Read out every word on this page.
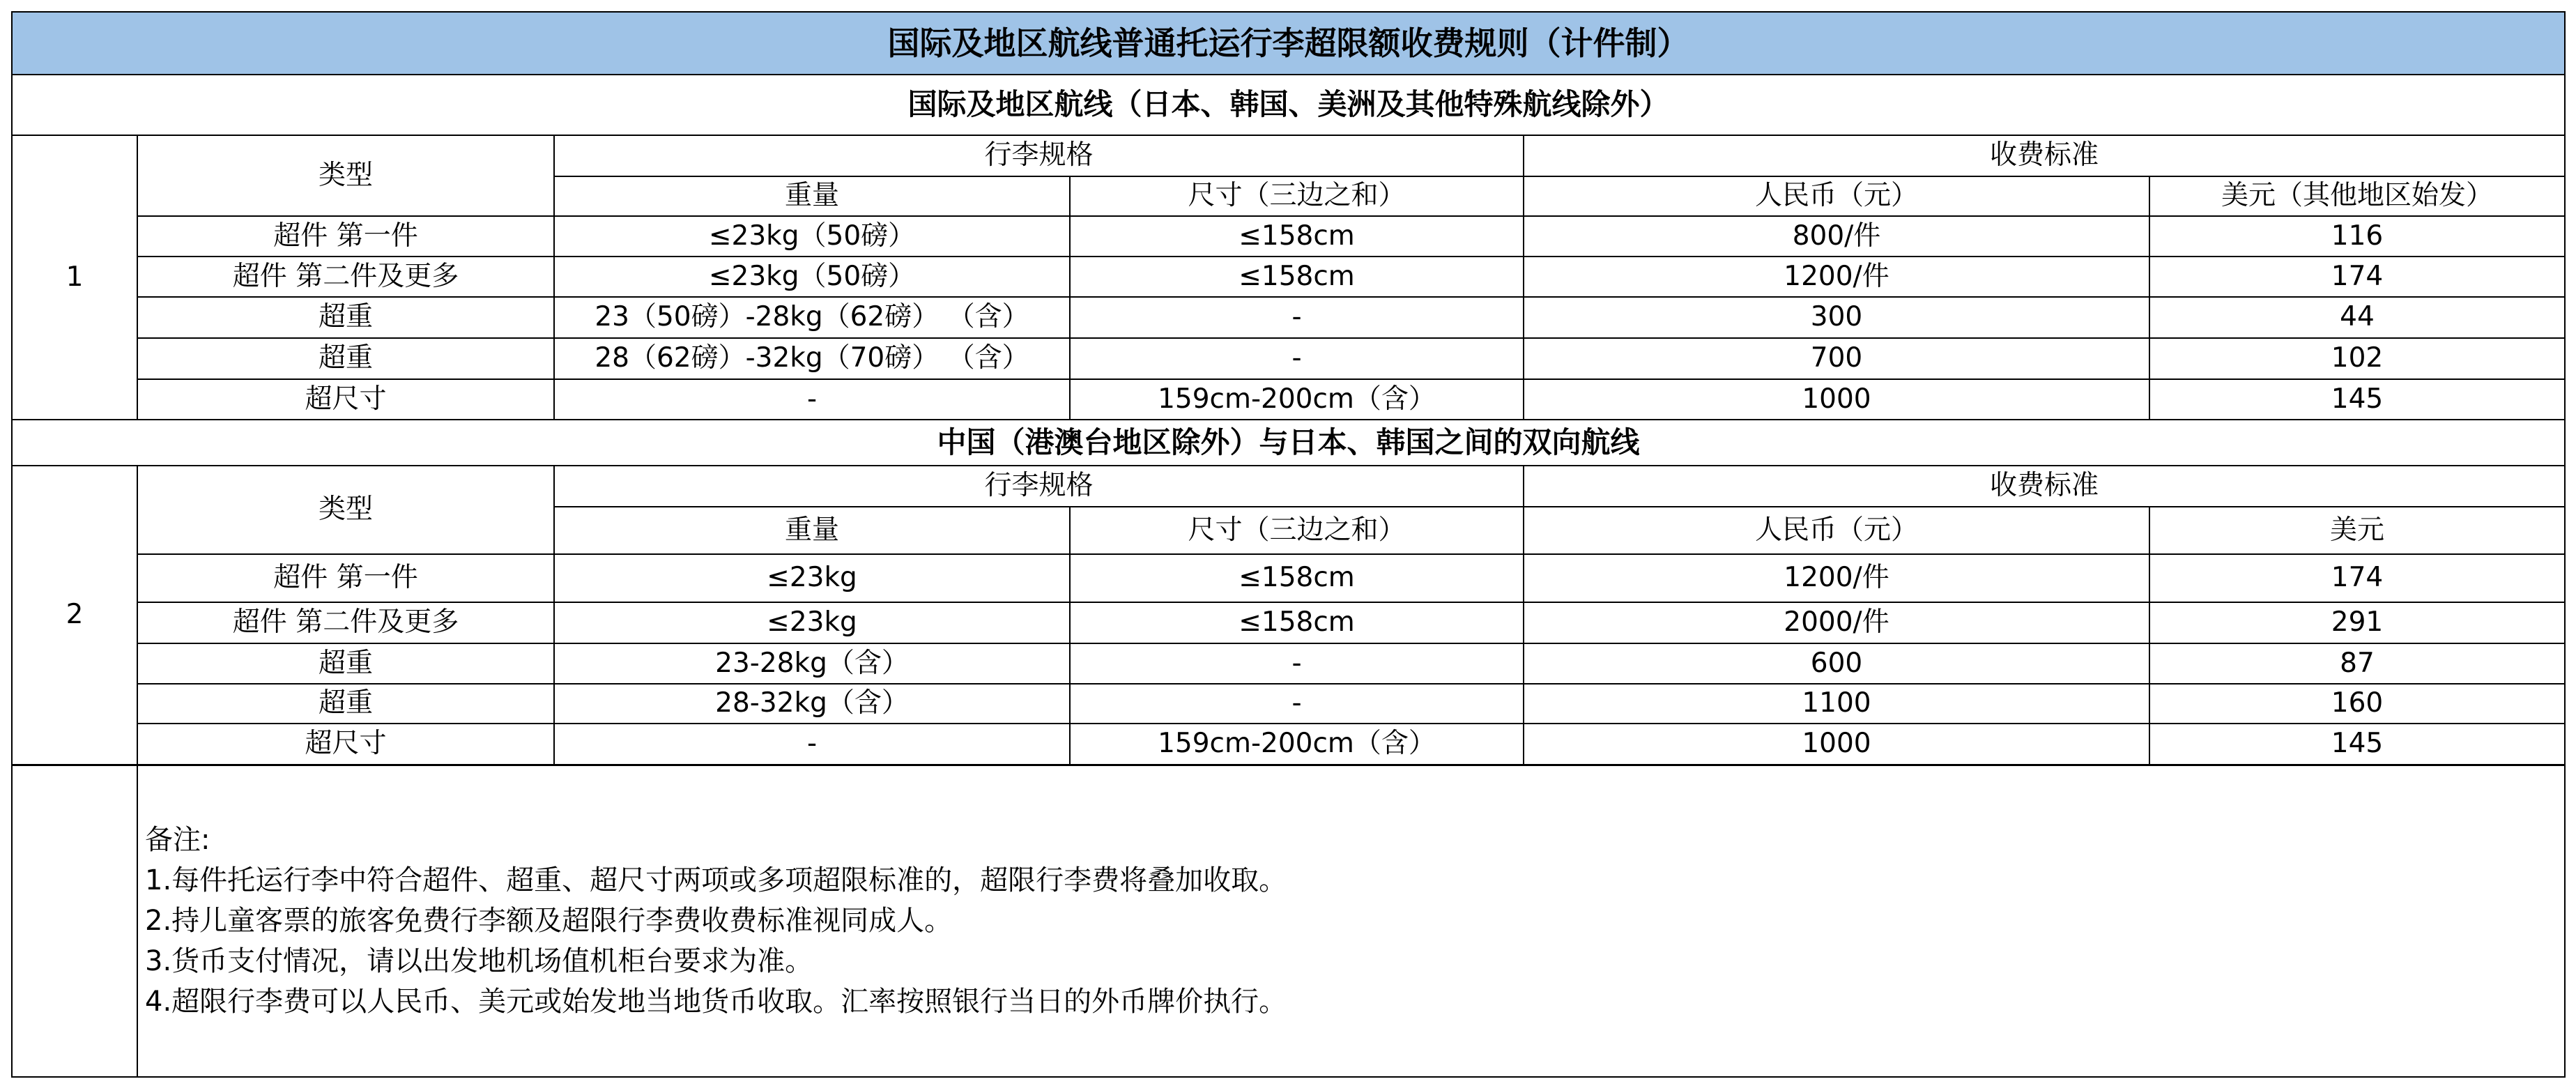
国际及地区航线普通托运行李超限额收费规则（计件制）					
国际及地区航线（日本、韩国、美洲及其他特殊航线除外）					
1	类型	行李规格		收费标准	
		重量	尺寸（三边之和）	人民币（元）	美元（其他地区始发）
	超件 第一件	≤23kg（50磅）	≤158cm	800/件	116
	超件 第二件及更多	≤23kg（50磅）	≤158cm	1200/件	174
	超重	23（50磅）-28kg（62磅） （含）	-	300	44
	超重	28（62磅）-32kg（70磅） （含）	-	700	102
	超尺寸	-	159cm-200cm（含）	1000	145
中国（港澳台地区除外）与日本、韩国之间的双向航线					
2	类型	行李规格		收费标准	
		重量	尺寸（三边之和）	人民币（元）	美元
	超件 第一件	≤23kg	≤158cm	1200/件	174
	超件 第二件及更多	≤23kg	≤158cm	2000/件	291
	超重	23-28kg（含）	-	600	87
	超重	28-32kg（含）	-	1100	160
	超尺寸	-	159cm-200cm（含）	1000	145

	备注:
1.每件托运行李中符合超件、超重、超尺寸两项或多项超限标准的，超限行李费将叠加收取。
2.持儿童客票的旅客免费行李额及超限行李费收费标准视同成人。
3.货币支付情况，请以出发地机场值机柜台要求为准。
4.超限行李费可以人民币、美元或始发地当地货币收取。汇率按照银行当日的外币牌价执行。				
